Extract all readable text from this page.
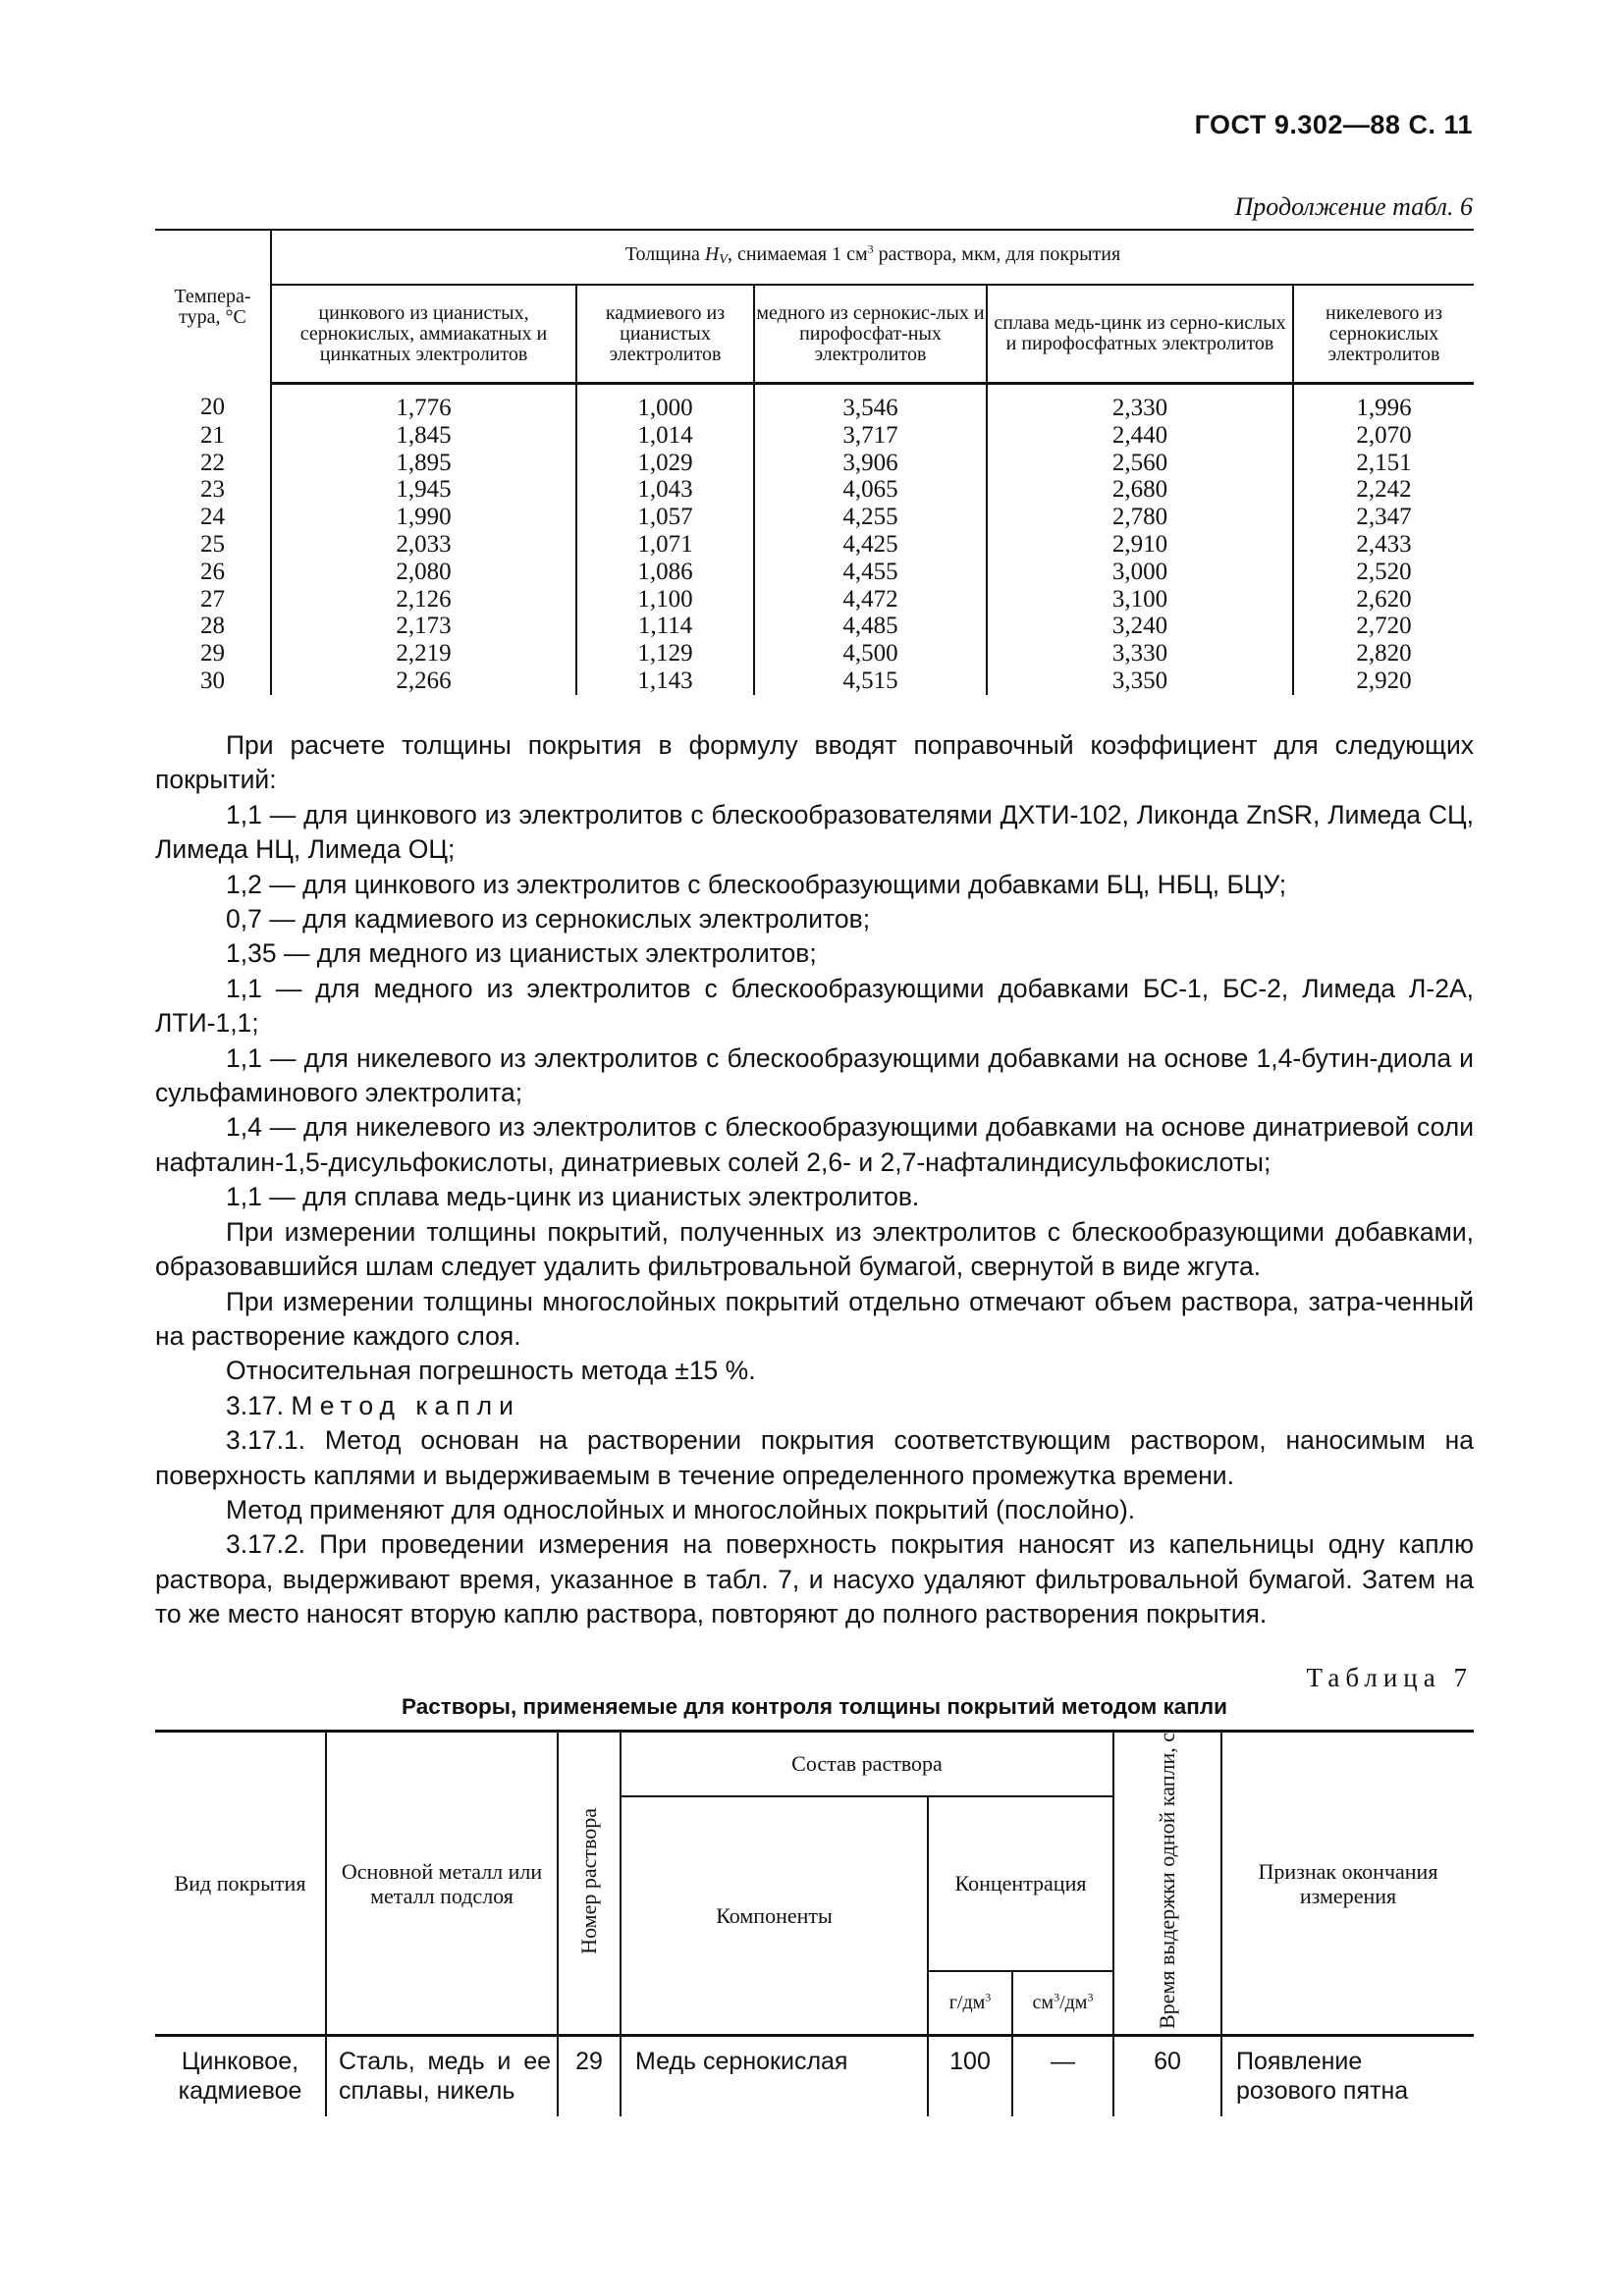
ГОСТ 9.302—88 С. 11
Продолжение табл. 6
Темпера-тура, °С	Толщина HV, снимаемая 1 $см^3$ раствора, мкм, для покрытия				
	цинкового из цианистых, сернокислых, аммиакатных и цинкатных электролитов	кадмиевого из цианистых электролитов	медного из сернокис-лых и пирофосфат-ных электролитов	сплава медь-цинк из серно-кислых и пирофосфатных электролитов	никелевого из сернокислых электролитов
20	1,776	1,000	3,546	2,330	1,996
21	1,845	1,014	3,717	2,440	2,070
22	1,895	1,029	3,906	2,560	2,151
23	1,945	1,043	4,065	2,680	2,242
24	1,990	1,057	4,255	2,780	2,347
25	2,033	1,071	4,425	2,910	2,433
26	2,080	1,086	4,455	3,000	2,520
27	2,126	1,100	4,472	3,100	2,620
28	2,173	1,114	4,485	3,240	2,720
29	2,219	1,129	4,500	3,330	2,820
30	2,266	1,143	4,515	3,350	2,920

При расчете толщины покрытия в формулу вводят поправочный коэффициент для следующих покрытий:

1,1 — для цинкового из электролитов с блескообразователями ДХТИ-102, Ликонда ZnSR, Лимеда СЦ, Лимеда НЦ, Лимеда ОЦ;

1,2 — для цинкового из электролитов с блескообразующими добавками БЦ, НБЦ, БЦУ;

0,7 — для кадмиевого из сернокислых электролитов;

1,35 — для медного из цианистых электролитов;

1,1 — для медного из электролитов с блескообразующими добавками БС-1, БС-2, Лимеда Л-2А, ЛТИ-1,1;

1,1 — для никелевого из электролитов с блескообразующими добавками на основе 1,4-бутин-диола и сульфаминового электролита;

1,4 — для никелевого из электролитов с блескообразующими добавками на основе динатриевой соли нафталин-1,5-дисульфокислоты, динатриевых солей 2,6- и 2,7-нафталиндисульфокислоты;

1,1 — для сплава медь-цинк из цианистых электролитов.

При измерении толщины покрытий, полученных из электролитов с блескообразующими добавками, образовавшийся шлам следует удалить фильтровальной бумагой, свернутой в виде жгута.

При измерении толщины многослойных покрытий отдельно отмечают объем раствора, затра-ченный на растворение каждого слоя.

Относительная погрешность метода ±15 %.

3.17. Метод капли

3.17.1. Метод основан на растворении покрытия соответствующим раствором, наносимым на поверхность каплями и выдерживаемым в течение определенного промежутка времени.

Метод применяют для однослойных и многослойных покрытий (послойно).

3.17.2. При проведении измерения на поверхность покрытия наносят из капельницы одну каплю раствора, выдерживают время, указанное в табл. 7, и насухо удаляют фильтровальной бумагой. Затем на то же место наносят вторую каплю раствора, повторяют до полного растворения покрытия.

Таблица 7
Растворы, применяемые для контроля толщины покрытий методом капли
Вид покрытия	Основной металл или металл подслоя	Номер раствора	Состав раствора			Время выдержки одной капли, с	Признак окончания измерения
			Компоненты	Концентрация			
				$г/дм^3$	$см^3/дм^3$
Цинковое, кадмиевое	Сталь, медь и ее сплавы, никель	29	Медь сернокислая	100	—	60	Появление розового пятна
